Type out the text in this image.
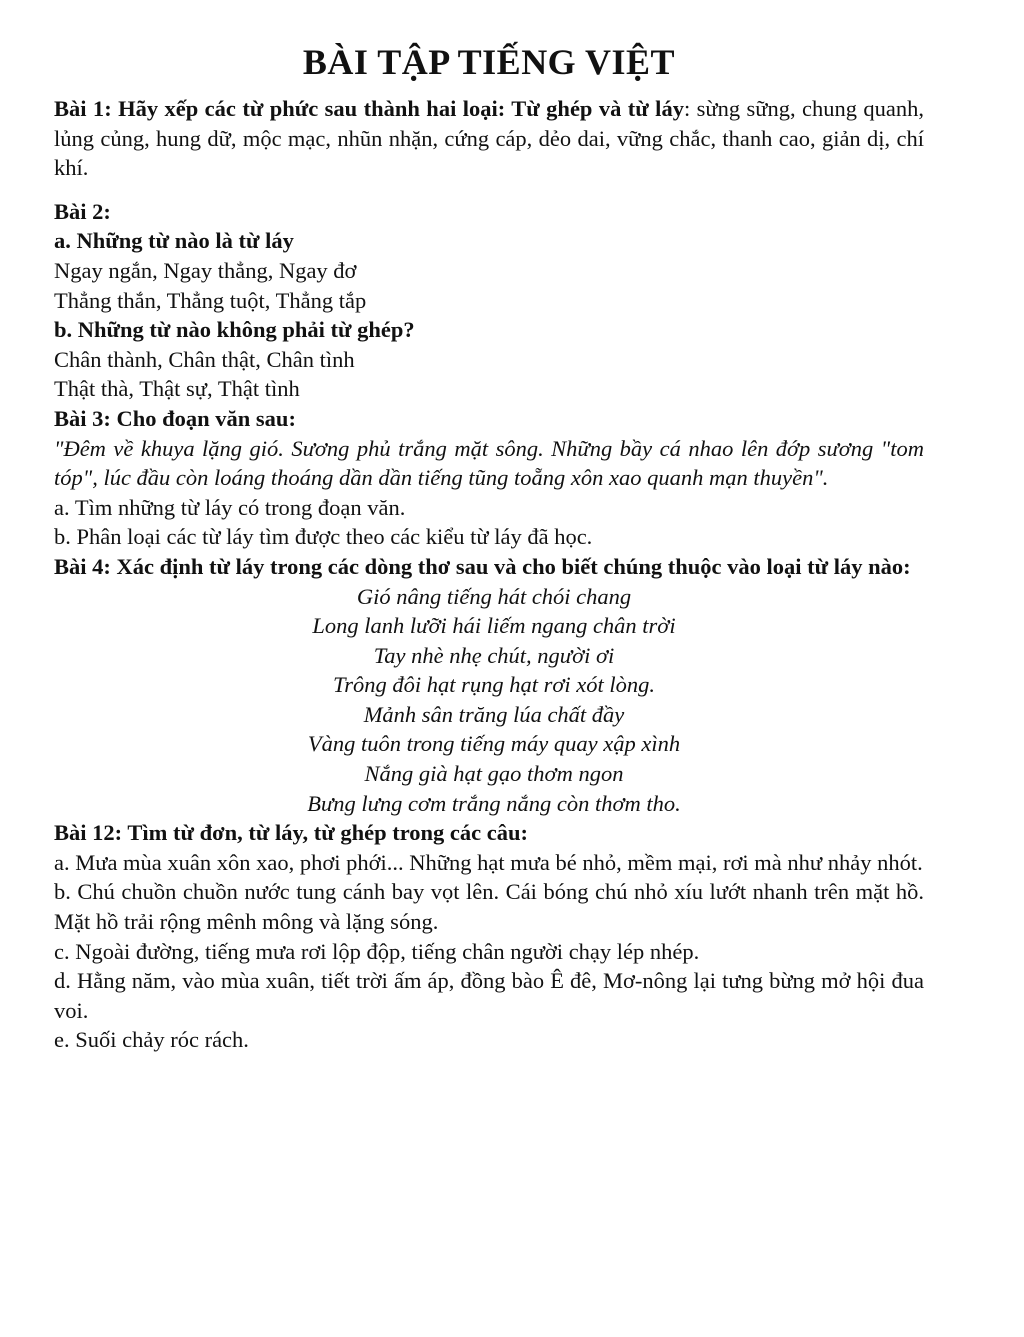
BÀI TẬP TIẾNG VIỆT

Bài 1: Hãy xếp các từ phức sau thành hai loại: Từ ghép và từ láy: sừng sững, chung quanh, lủng củng, hung dữ, mộc mạc, nhũn nhặn, cứng cáp, dẻo dai, vững chắc, thanh cao, giản dị, chí khí.

Bài 2:

a. Những từ nào là từ láy

Ngay ngắn, Ngay thẳng, Ngay đơ

Thẳng thắn, Thẳng tuột, Thẳng tắp

b. Những từ nào không phải từ ghép?

Chân thành, Chân thật, Chân tình

Thật thà, Thật sự, Thật tình

Bài 3: Cho đoạn văn sau:

"Đêm về khuya lặng gió. Sương phủ trắng mặt sông. Những bầy cá nhao lên đớp sương "tom tóp", lúc đầu còn loáng thoáng dần dần tiếng tũng toẵng xôn xao quanh mạn thuyền".

a. Tìm những từ láy có trong đoạn văn.

b. Phân loại các từ láy tìm được theo các kiểu từ láy đã học.

Bài 4: Xác định từ láy trong các dòng thơ sau và cho biết chúng thuộc vào loại từ láy nào:

Gió nâng tiếng hát chói chang
Long lanh lưỡi hái liếm ngang chân trời
Tay nhè nhẹ chút, người ơi
Trông đôi hạt rụng hạt rơi xót lòng.
Mảnh sân trăng lúa chất đầy
Vàng tuôn trong tiếng máy quay xập xình
Nắng già hạt gạo thơm ngon
Bưng lưng cơm trắng nắng còn thơm tho.

Bài 12: Tìm từ đơn, từ láy, từ ghép trong các câu:

a. Mưa mùa xuân xôn xao, phơi phới... Những hạt mưa bé nhỏ, mềm mại, rơi mà như nhảy nhót.

b. Chú chuồn chuồn nước tung cánh bay vọt lên. Cái bóng chú nhỏ xíu lướt nhanh trên mặt hồ. Mặt hồ trải rộng mênh mông và lặng sóng.

c. Ngoài đường, tiếng mưa rơi lộp độp, tiếng chân người chạy lép nhép.

d. Hằng năm, vào mùa xuân, tiết trời ấm áp, đồng bào Ê đê, Mơ-nông lại tưng bừng mở hội đua voi.

e. Suối chảy róc rách.
